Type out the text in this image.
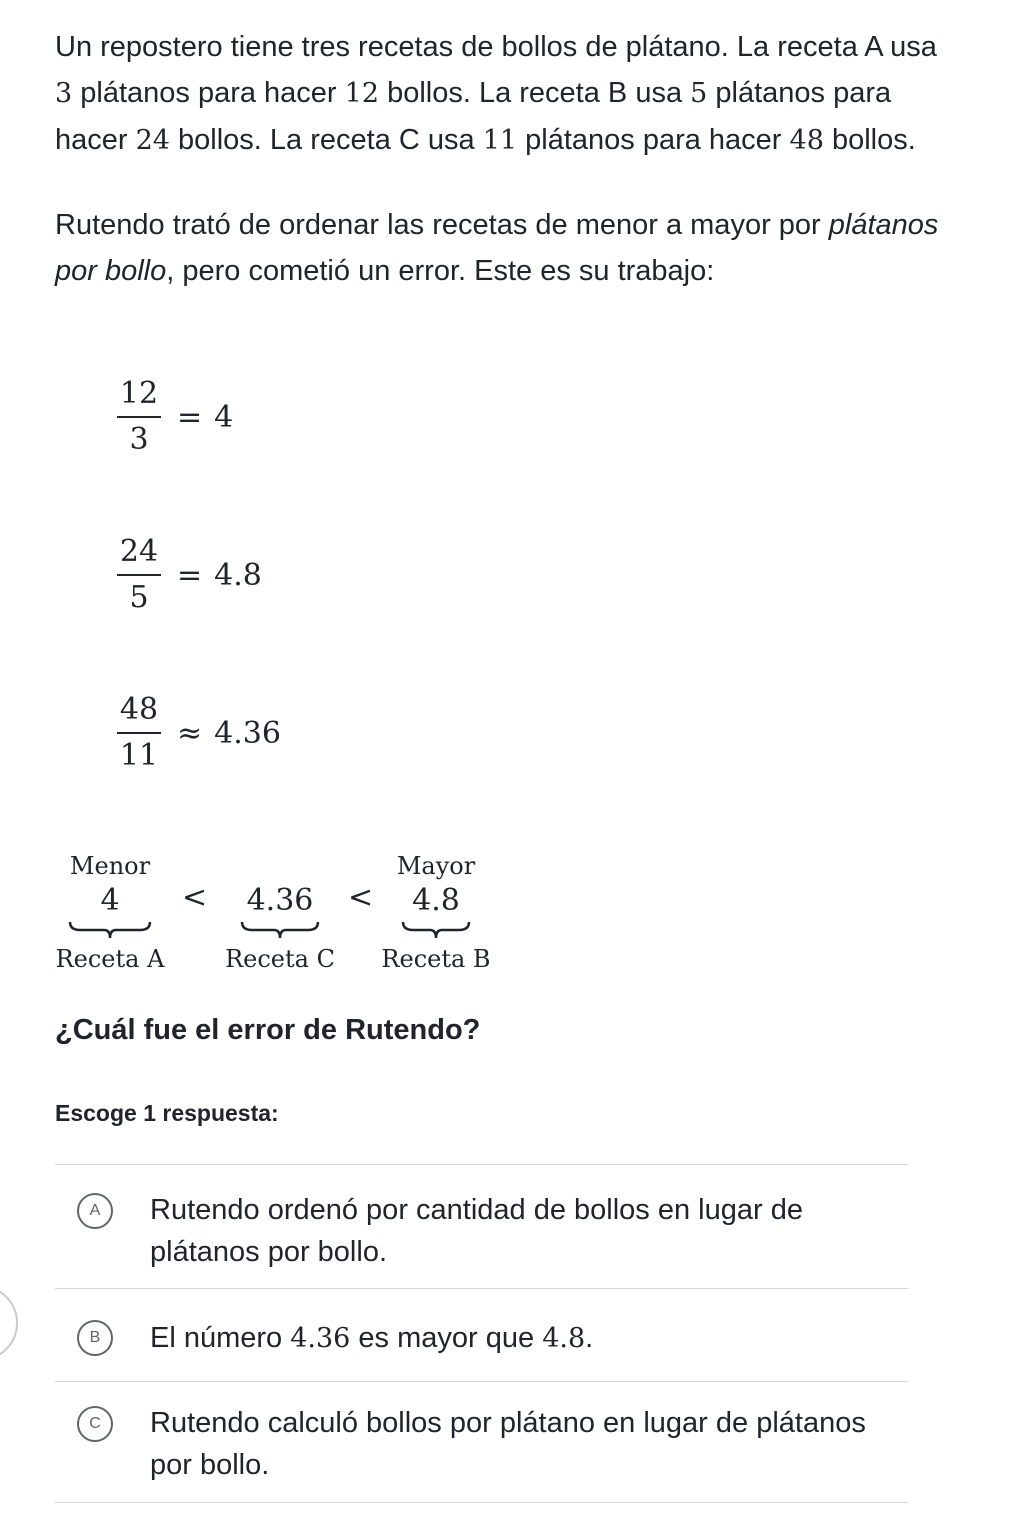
Un repostero tiene tres recetas de bollos de plátano. La receta A usa 3 plátanos para hacer 12 bollos. La receta B usa 5 plátanos para hacer 24 bollos. La receta C usa 11 plátanos para hacer 48 bollos.

Rutendo trató de ordenar las recetas de menor a mayor por plátanos por bollo, pero cometió un error. Este es su trabajo:

$\frac{12}{3} = 4$
$\frac{24}{5} = 4.8$
$\frac{48}{11} \approx 4.36$
Menor
4
Receta A
4.36
Receta C
Mayor
4.8
Receta B
<	<
¿Cuál fue el error de Rutendo?
Escoge 1 respuesta:
A	Rutendo ordenó por cantidad de bollos en lugar de plátanos por bollo.
B	El número 4.36 es mayor que 4.8.
C	Rutendo calculó bollos por plátano en lugar de plátanos por bollo.
